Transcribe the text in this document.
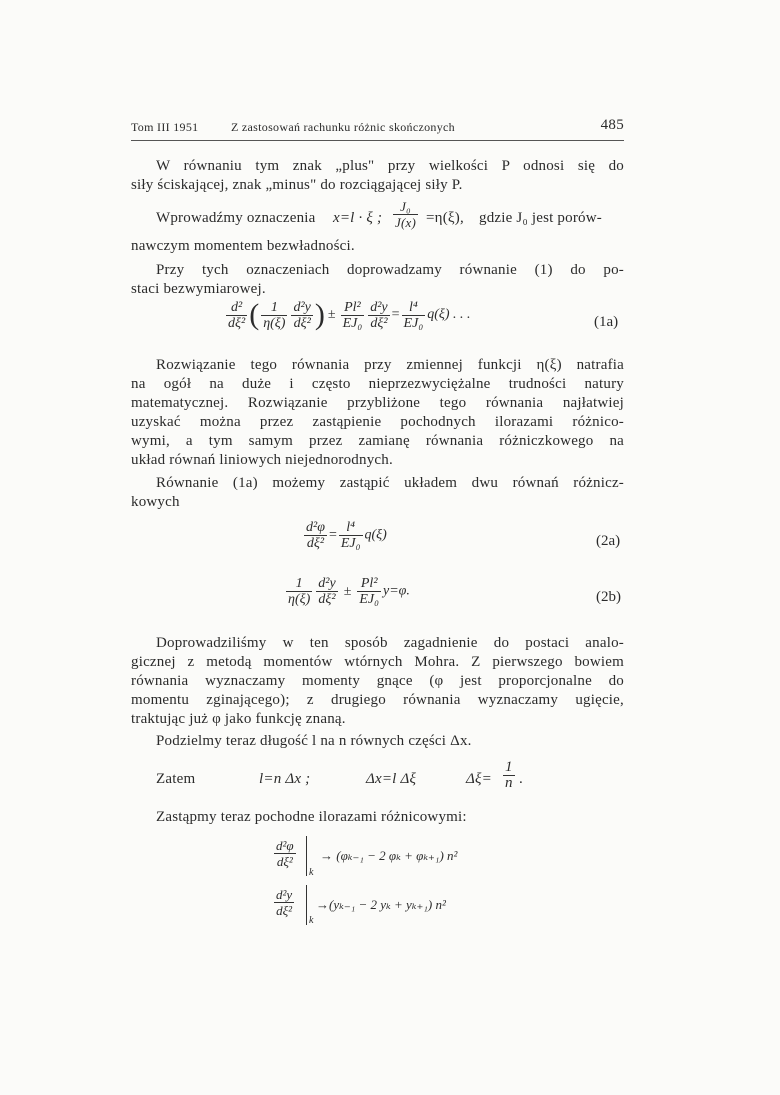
Tom III 1951	Z zastosowań rachunku różnic skończonych	485
W równaniu tym znak „plus" przy wielkości P odnosi się do
siły ściskającej, znak „minus" do rozciągającej siły P.
Wprowadźmy oznaczenia x=l · ξ ; $\frac{\text{J₀}}{J(x)} =\eta(\xi)$, gdzie J₀ jest porów-
nawczym momentem bezwładności.
Przy tych oznaczeniach doprowadzamy równanie (1) do po-
staci bezwymiarowej.
$\frac{\text{d²}}{\text{dξ²}}$ ( $\frac{1}{\eta(\xi)} \frac{\text{d²y}}{\text{dξ²}}$ ) ± $\frac{\text{Pl²}}{\text{EJ₀}} \frac{\text{d²y}}{\text{dξ²}} = \frac{\text{l⁴}}{\text{EJ₀}} q(\xi)$ . . .	(1a)
Rozwiązanie tego równania przy zmiennej funkcji η(ξ) natrafia
na ogół na duże i często nieprzezwyciężalne trudności natury
matematycznej. Rozwiązanie przybliżone tego równania najłatwiej
uzyskać można przez zastąpienie pochodnych ilorazami różnico-
wymi, a tym samym przez zamianę równania różniczkowego na
układ równań liniowych niejednorodnych.
Równanie (1a) możemy zastąpić układem dwu równań różnicz-
kowych
$\frac{\text{d²φ}}{\text{dξ²}} = \frac{\text{l⁴}}{\text{EJ₀}} q(\xi)$	(2a)
$\frac{1}{\eta(\xi)} \frac{\text{d²y}}{\text{dξ²}} \pm \frac{\text{Pl²}}{\text{EJ₀}} y=\varphi$.	(2b)
Doprowadziliśmy w ten sposób zagadnienie do postaci analo-
gicznej z metodą momentów wtórnych Mohra. Z pierwszego bowiem
równania wyznaczamy momenty gnące (φ jest proporcjonalne do
momentu zginającego); z drugiego równania wyznaczamy ugięcie,
traktując już φ jako funkcję znaną.
Podzielmy teraz długość l na n równych części Δx.
Zatem	l=n Δx ;	Δx=l Δξ	$\Delta\xi= \frac{1}{n}$ .
Zastąpmy teraz pochodne ilorazami różnicowymi:
$\frac{\text{d²φ}}{\text{dξ²}}$
k
→ (φₖ₋₁ − 2 φₖ + φₖ₊₁) n²
$\frac{\text{d²y}}{\text{dξ²}}$
k
→(yₖ₋₁ − 2 yₖ + yₖ₊₁) n²
